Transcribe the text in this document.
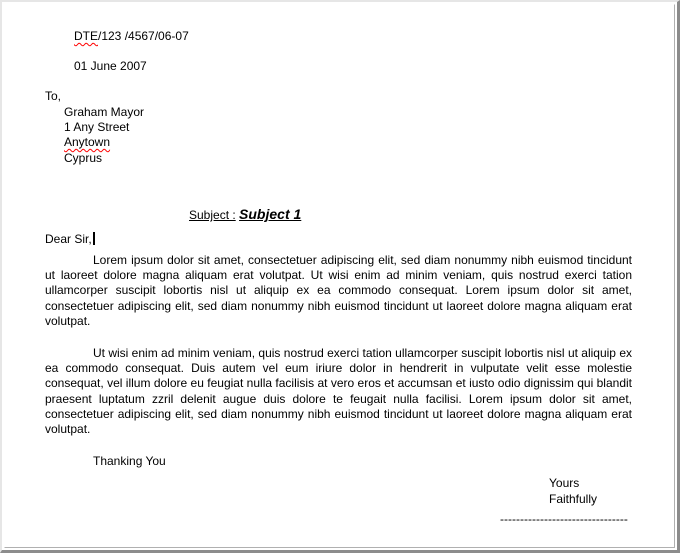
DTE/123 /4567/06-07
01 June 2007
To,
Graham Mayor
1 Any Street
Anytown
Cyprus
Subject : Subject 1
Dear Sir,
Lorem ipsum dolor sit amet, consectetuer adipiscing elit, sed diam nonummy nibh euismod tincidunt ut laoreet dolore magna aliquam erat volutpat. Ut wisi enim ad minim veniam, quis nostrud exerci tation ullamcorper suscipit lobortis nisl ut aliquip ex ea commodo consequat. Lorem ipsum dolor sit amet, consectetuer adipiscing elit, sed diam nonummy nibh euismod tincidunt ut laoreet dolore magna aliquam erat volutpat.
Ut wisi enim ad minim veniam, quis nostrud exerci tation ullamcorper suscipit lobortis nisl ut aliquip ex ea commodo consequat. Duis autem vel eum iriure dolor in hendrerit in vulputate velit esse molestie consequat, vel illum dolore eu feugiat nulla facilisis at vero eros et accumsan et iusto odio dignissim qui blandit praesent luptatum zzril delenit augue duis dolore te feugait nulla facilisi. Lorem ipsum dolor sit amet, consectetuer adipiscing elit, sed diam nonummy nibh euismod tincidunt ut laoreet dolore magna aliquam erat volutpat.
Thanking You
Yours
Faithfully
--------------------------------
